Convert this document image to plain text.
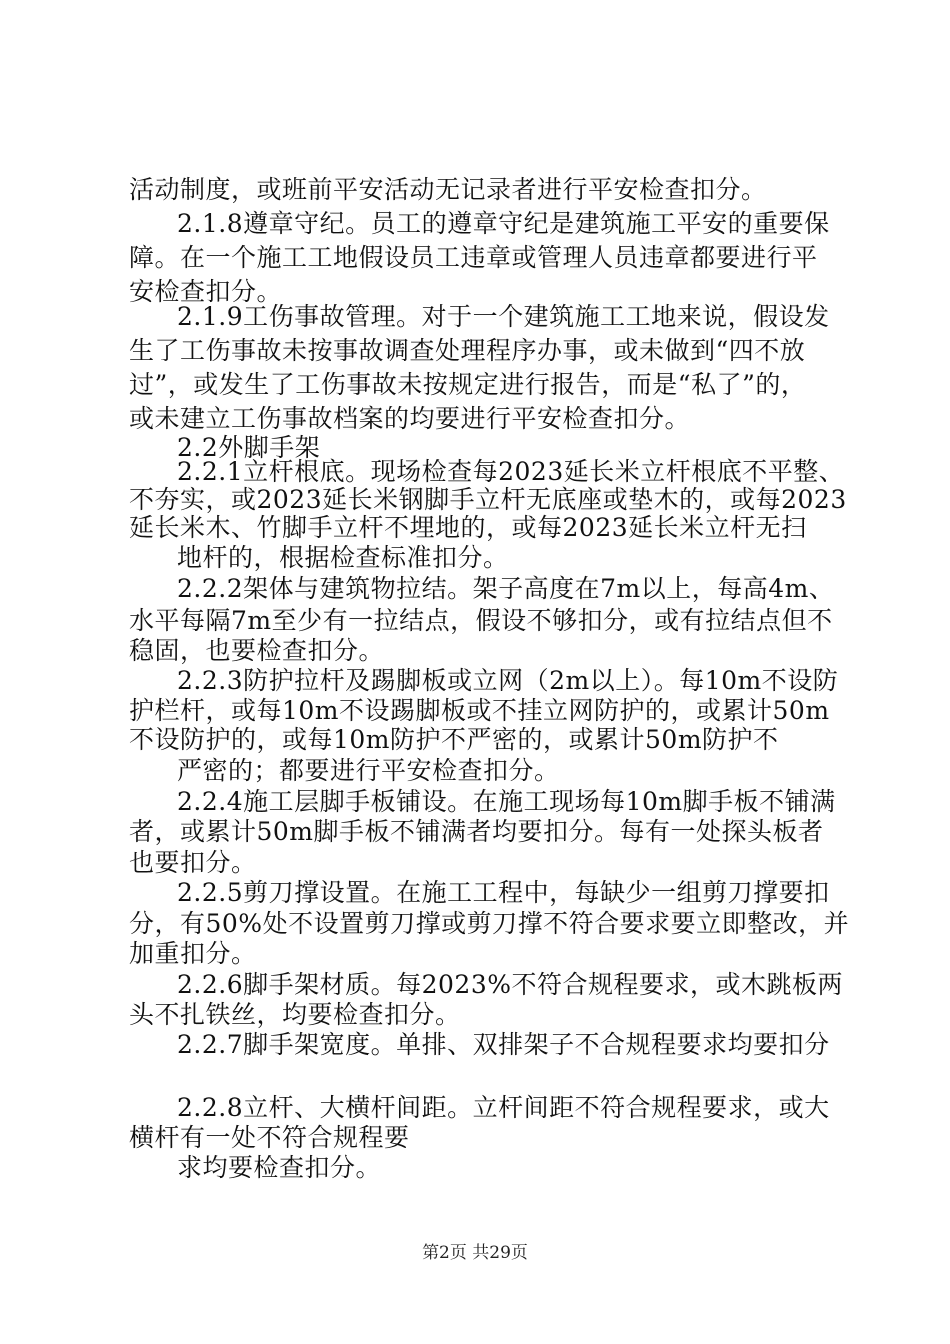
活动制度，或班前平安活动无记录者进行平安检查扣分。
2.1.8遵章守纪。员工的遵章守纪是建筑施工平安的重要保
障。在一个施工工地假设员工违章或管理人员违章都要进行平
安检查扣分。
2.1.9工伤事故管理。对于一个建筑施工工地来说，假设发
生了工伤事故未按事故调查处理程序办事，或未做到“四不放
过”，或发生了工伤事故未按规定进行报告，而是“私了”的，
或未建立工伤事故档案的均要进行平安检查扣分。
2.2外脚手架
2.2.1立杆根底。现场检查每2023延长米立杆根底不平整、
不夯实，或2023延长米钢脚手立杆无底座或垫木的，或每2023
延长米木、竹脚手立杆不埋地的，或每2023延长米立杆无扫
地杆的，根据检查标准扣分。
2.2.2架体与建筑物拉结。架子高度在7m以上，每高4m、
水平每隔7m至少有一拉结点，假设不够扣分，或有拉结点但不
稳固，也要检查扣分。
2.2.3防护拉杆及踢脚板或立网（2m以上）。每10m不设防
护栏杆，或每10m不设踢脚板或不挂立网防护的，或累计50m
不设防护的，或每10m防护不严密的，或累计50m防护不
严密的；都要进行平安检查扣分。
2.2.4施工层脚手板铺设。在施工现场每10m脚手板不铺满
者，或累计50m脚手板不铺满者均要扣分。每有一处探头板者
也要扣分。
2.2.5剪刀撑设置。在施工工程中，每缺少一组剪刀撑要扣
分，有50%处不设置剪刀撑或剪刀撑不符合要求要立即整改，并
加重扣分。
2.2.6脚手架材质。每2023%不符合规程要求，或木跳板两
头不扎铁丝，均要检查扣分。
2.2.7脚手架宽度。单排、双排架子不合规程要求均要扣分
2.2.8立杆、大横杆间距。立杆间距不符合规程要求，或大
横杆有一处不符合规程要
求均要检查扣分。
第2页 共29页
